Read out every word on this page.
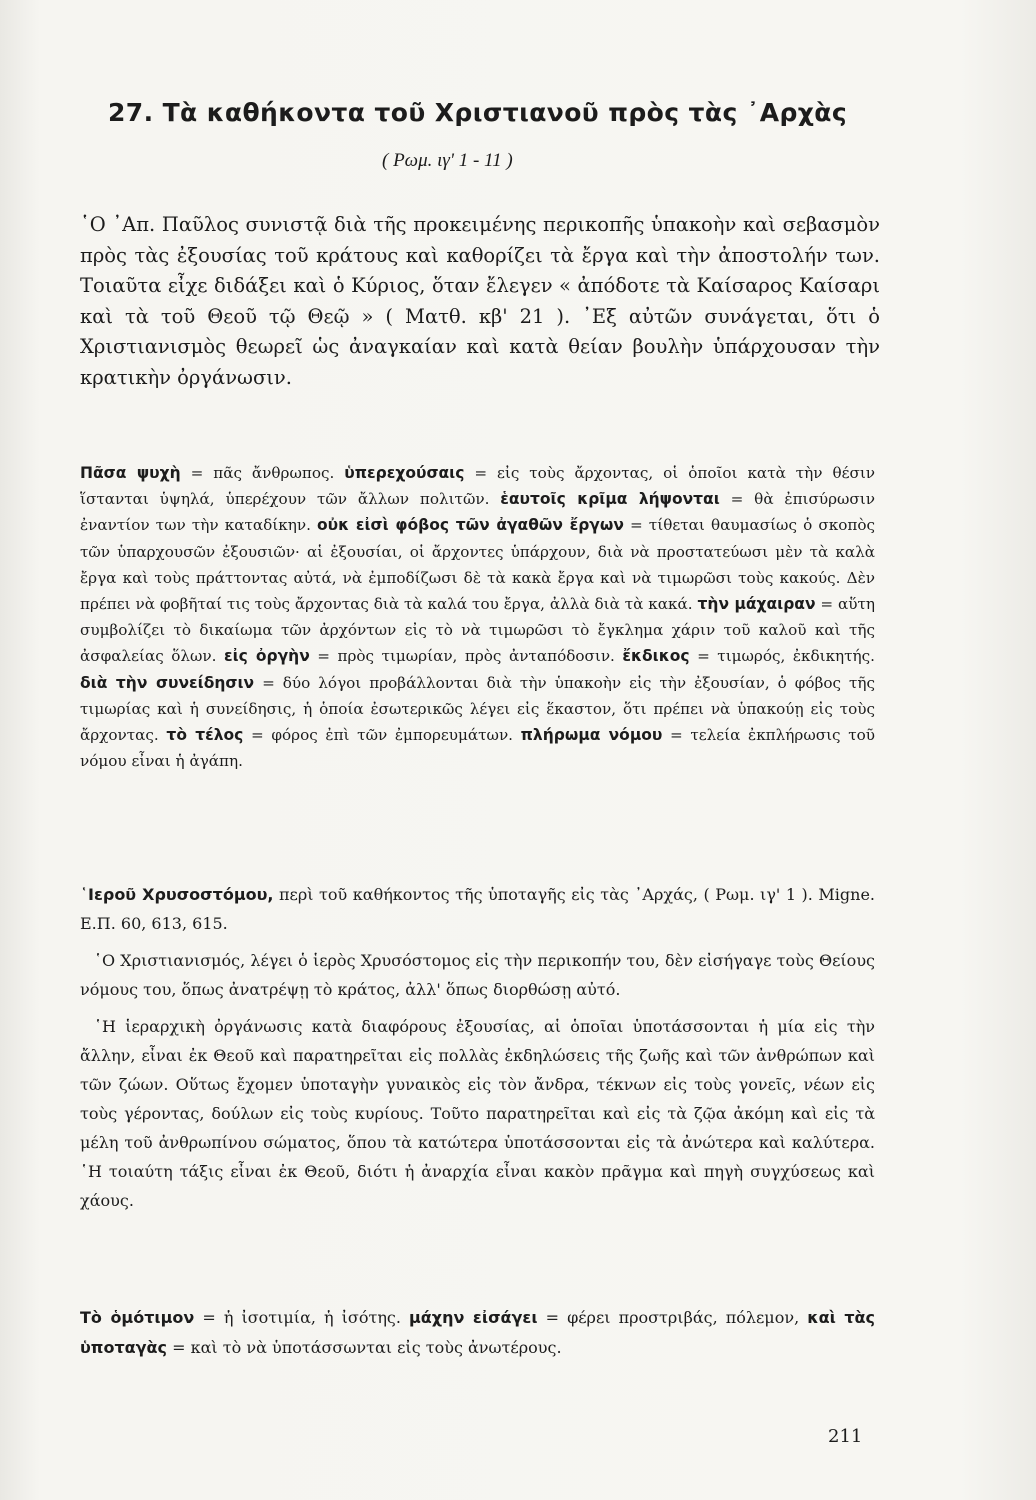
27. Τὰ καθήκοντα τοῦ Χριστιανοῦ πρὸς τὰς ᾿Αρχὰς
( Ρωμ. ιγ' 1 - 11 )

῾Ο ᾿Απ. Παῦλος συνιστᾷ διὰ τῆς προκειμένης περικοπῆς ὑπακοὴν καὶ σεβασμὸν πρὸς τὰς ἐξουσίας τοῦ κράτους καὶ καθορίζει τὰ ἔργα καὶ τὴν ἀποστολήν των. Τοιαῦτα εἶχε διδάξει καὶ ὁ Κύριος, ὅταν ἔλεγεν « ἀπόδοτε τὰ Καίσαρος Καίσαρι καὶ τὰ τοῦ Θεοῦ τῷ Θεῷ » ( Ματθ. κβ' 21 ). ᾿Εξ αὐτῶν συνάγεται, ὅτι ὁ Χριστιανισμὸς θεωρεῖ ὡς ἀναγκαίαν καὶ κατὰ θείαν βουλὴν ὑπάρχουσαν τὴν κρατικὴν ὀργάνωσιν.

Πᾶσα ψυχὴ = πᾶς ἄνθρωπος. ὑπερεχούσαις = εἰς τοὺς ἄρχοντας, οἱ ὁποῖοι κατὰ τὴν θέσιν ἵστανται ὑψηλά, ὑπερέχουν τῶν ἄλλων πολιτῶν. ἑαυτοῖς κρῖμα λήψονται = θὰ ἐπισύρωσιν ἐναντίον των τὴν καταδίκην. οὐκ εἰσὶ φόβος τῶν ἀγαθῶν ἔργων = τίθεται θαυμασίως ὁ σκοπὸς τῶν ὑπαρχουσῶν ἐξουσιῶν· αἱ ἐξουσίαι, οἱ ἄρχοντες ὑπάρχουν, διὰ νὰ προστατεύωσι μὲν τὰ καλὰ ἔργα καὶ τοὺς πράττοντας αὐτά, νὰ ἐμποδίζωσι δὲ τὰ κακὰ ἔργα καὶ νὰ τιμωρῶσι τοὺς κακούς. Δὲν πρέπει νὰ φοβῆταί τις τοὺς ἄρχοντας διὰ τὰ καλά του ἔργα, ἀλλὰ διὰ τὰ κακά. τὴν μάχαιραν = αὕτη συμβολίζει τὸ δικαίωμα τῶν ἀρχόντων εἰς τὸ νὰ τιμωρῶσι τὸ ἔγκλημα χάριν τοῦ καλοῦ καὶ τῆς ἀσφαλείας ὅλων. εἰς ὀργὴν = πρὸς τιμωρίαν, πρὸς ἀνταπόδοσιν. ἔκδικος = τιμωρός, ἐκδικητής. διὰ τὴν συνείδησιν = δύο λόγοι προβάλλονται διὰ τὴν ὑπακοὴν εἰς τὴν ἐξουσίαν, ὁ φόβος τῆς τιμωρίας καὶ ἡ συνείδησις, ἡ ὁποία ἐσωτερικῶς λέγει εἰς ἕκαστον, ὅτι πρέπει νὰ ὑπακούῃ εἰς τοὺς ἄρχοντας. τὸ τέλος = φόρος ἐπὶ τῶν ἐμπορευμάτων. πλήρωμα νόμου = τελεία ἐκπλήρωσις τοῦ νόμου εἶναι ἡ ἀγάπη.

῾Ιεροῦ Χρυσοστόμου, περὶ τοῦ καθήκοντος τῆς ὑποταγῆς εἰς τὰς ᾿Αρχάς, ( Ρωμ. ιγ' 1 ). Migne. Ε.Π. 60, 613, 615.

῾Ο Χριστιανισμός, λέγει ὁ ἱερὸς Χρυσόστομος εἰς τὴν περικοπήν του, δὲν εἰσήγαγε τοὺς Θείους νόμους του, ὅπως ἀνατρέψῃ τὸ κράτος, ἀλλ' ὅπως διορθώσῃ αὐτό.

῾Η ἱεραρχικὴ ὀργάνωσις κατὰ διαφόρους ἐξουσίας, αἱ ὁποῖαι ὑποτάσσονται ἡ μία εἰς τὴν ἄλλην, εἶναι ἐκ Θεοῦ καὶ παρατηρεῖται εἰς πολλὰς ἐκδηλώσεις τῆς ζωῆς καὶ τῶν ἀνθρώπων καὶ τῶν ζώων. Οὕτως ἔχομεν ὑποταγὴν γυναικὸς εἰς τὸν ἄνδρα, τέκνων εἰς τοὺς γονεῖς, νέων εἰς τοὺς γέροντας, δούλων εἰς τοὺς κυρίους. Τοῦτο παρατηρεῖται καὶ εἰς τὰ ζῷα ἀκόμη καὶ εἰς τὰ μέλη τοῦ ἀνθρωπίνου σώματος, ὅπου τὰ κατώτερα ὑποτάσσονται εἰς τὰ ἀνώτερα καὶ καλύτερα. ῾Η τοιαύτη τάξις εἶναι ἐκ Θεοῦ, διότι ἡ ἀναρχία εἶναι κακὸν πρᾶγμα καὶ πηγὴ συγχύσεως καὶ χάους.

Τὸ ὁμότιμον = ἡ ἰσοτιμία, ἡ ἰσότης. μάχην εἰσάγει = φέρει προστριβάς, πόλεμον, καὶ τὰς ὑποταγὰς = καὶ τὸ νὰ ὑποτάσσωνται εἰς τοὺς ἀνωτέρους.

211
